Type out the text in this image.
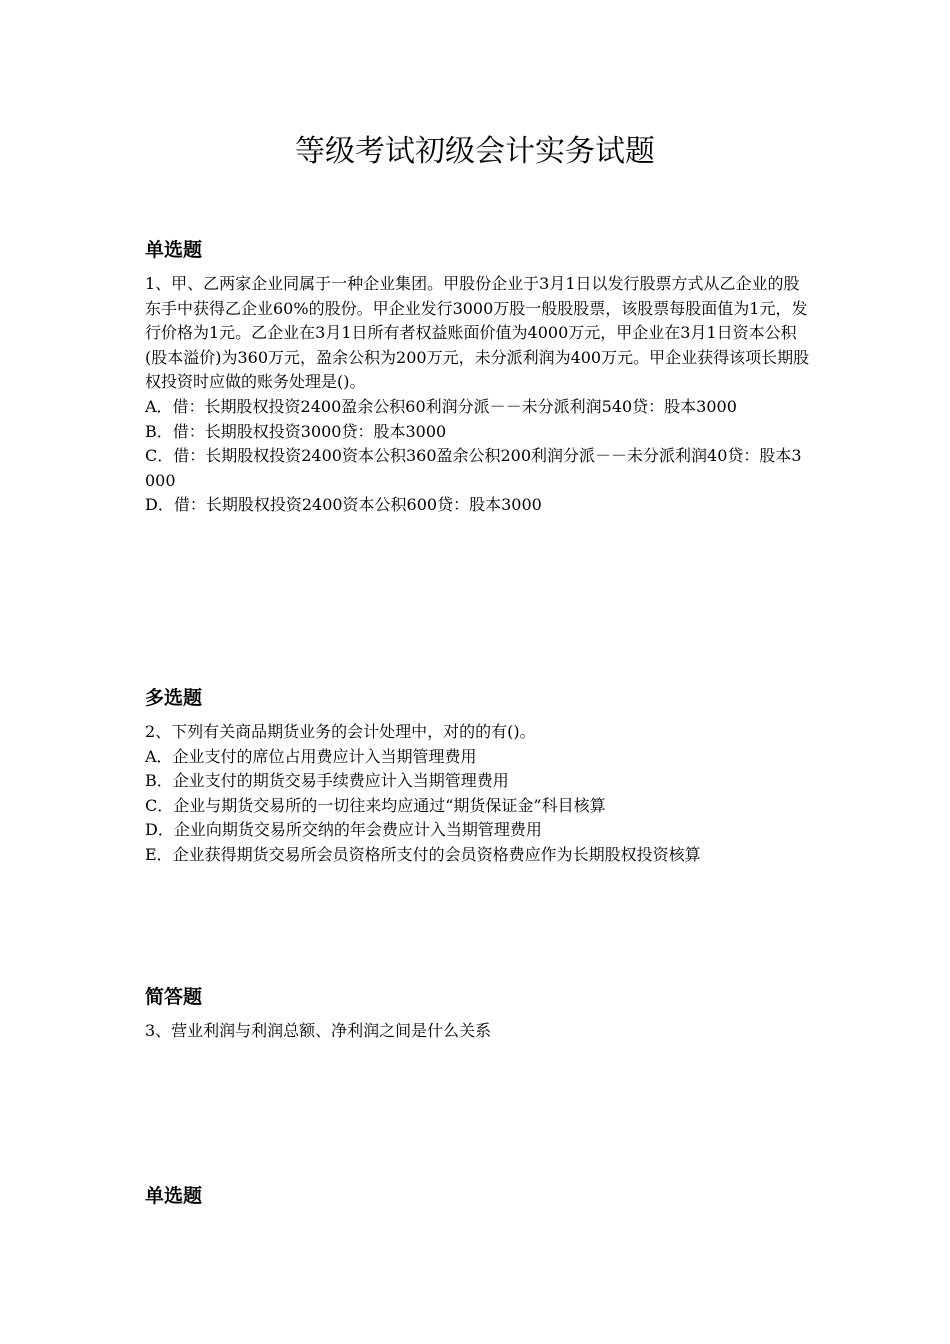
等级考试初级会计实务试题
单选题

1、甲、乙两家企业同属于一种企业集团。甲股份企业于3月1日以发行股票方式从乙企业的股东手中获得乙企业60%的股份。甲企业发行3000万股一般股股票，该股票每股面值为1元，发行价格为1元。乙企业在3月1日所有者权益账面价值为4000万元，甲企业在3月1日资本公积(股本溢价)为360万元，盈余公积为200万元，未分派利润为400万元。甲企业获得该项长期股权投资时应做的账务处理是()。

A．借：长期股权投资2400盈余公积60利润分派－－未分派利润540贷：股本3000

B．借：长期股权投资3000贷：股本3000

C．借：长期股权投资2400资本公积360盈余公积200利润分派－－未分派利润40贷：股本3000

D．借：长期股权投资2400资本公积600贷：股本3000

多选题

2、下列有关商品期货业务的会计处理中，对的的有()。

A．企业支付的席位占用费应计入当期管理费用

B．企业支付的期货交易手续费应计入当期管理费用

C．企业与期货交易所的一切往来均应通过“期货保证金”科目核算

D．企业向期货交易所交纳的年会费应计入当期管理费用

E．企业获得期货交易所会员资格所支付的会员资格费应作为长期股权投资核算

简答题

3、营业利润与利润总额、净利润之间是什么关系

单选题
